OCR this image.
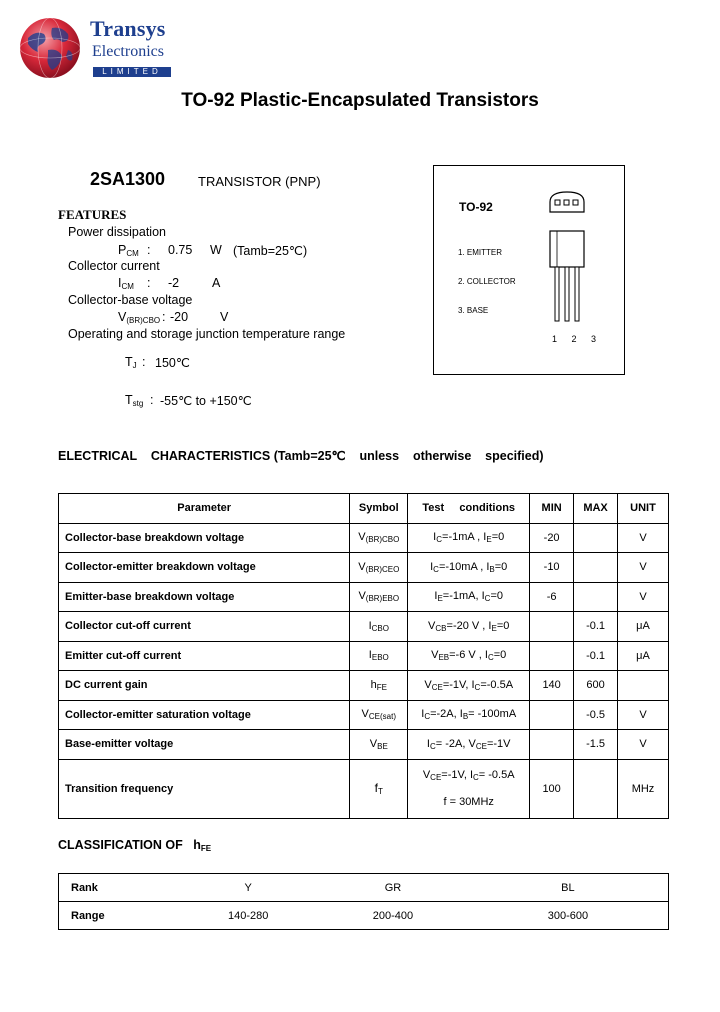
Transys
Electronics
LIMITED
TO-92 Plastic-Encapsulated Transistors
2SA1300	TRANSISTOR (PNP)
FEATURES
Power dissipation
$P_{CM}$ : 0.75 W (Tamb=25℃)
Collector current
$I_{CM}$ : -2	A
Collector-base voltage
$V_{(BR)CBO}$ : -20	V
Operating and storage junction temperature range
$T_J$ : 150℃
$T_{stg}$ : -55℃ to +150℃
TO-92
1. EMITTER
2. COLLECTOR
3. BASE
1 2 3
ELECTRICAL    CHARACTERISTICS (Tamb=25℃    unless    otherwise    specified)
Parameter	Symbol	Test     conditions	MIN	MAX	UNIT
Collector-base breakdown voltage	$V_{(BR)CBO}$	$I_C=-1mA$ , $I_E=0$	-20		V
Collector-emitter breakdown voltage	$V_{(BR)CEO}$	$I_C=-10mA$ , $I_B=0$	-10		V
Emitter-base breakdown voltage	$V_{(BR)EBO}$	$I_E=-1mA$, $I_C=0$	-6		V
Collector cut-off current	$I_{CBO}$	$V_{CB}=-20$ V , $I_E=0$		-0.1	μA
Emitter cut-off current	$I_{EBO}$	$V_{EB}=-6$ V , $I_C=0$		-0.1	μA
DC current gain	$h_{FE}$	$V_{CE}=-1V$, $I_C=-0.5A$	140	600	
Collector-emitter saturation voltage	$V_{CE(sat)}$	$I_C=-2A$, $I_B= -100mA$		-0.5	V
Base-emitter voltage	$V_{BE}$	$I_C= -2A$, $V_{CE}=-1V$		-1.5	V
Transition frequency	$f_T$	$V_{CE}=-1V$, $I_C= -0.5A$
f = 30MHz	100		MHz
CLASSIFICATION OF $h_{FE}$
Rank	Y	GR	BL
Range	140-280	200-400	300-600
